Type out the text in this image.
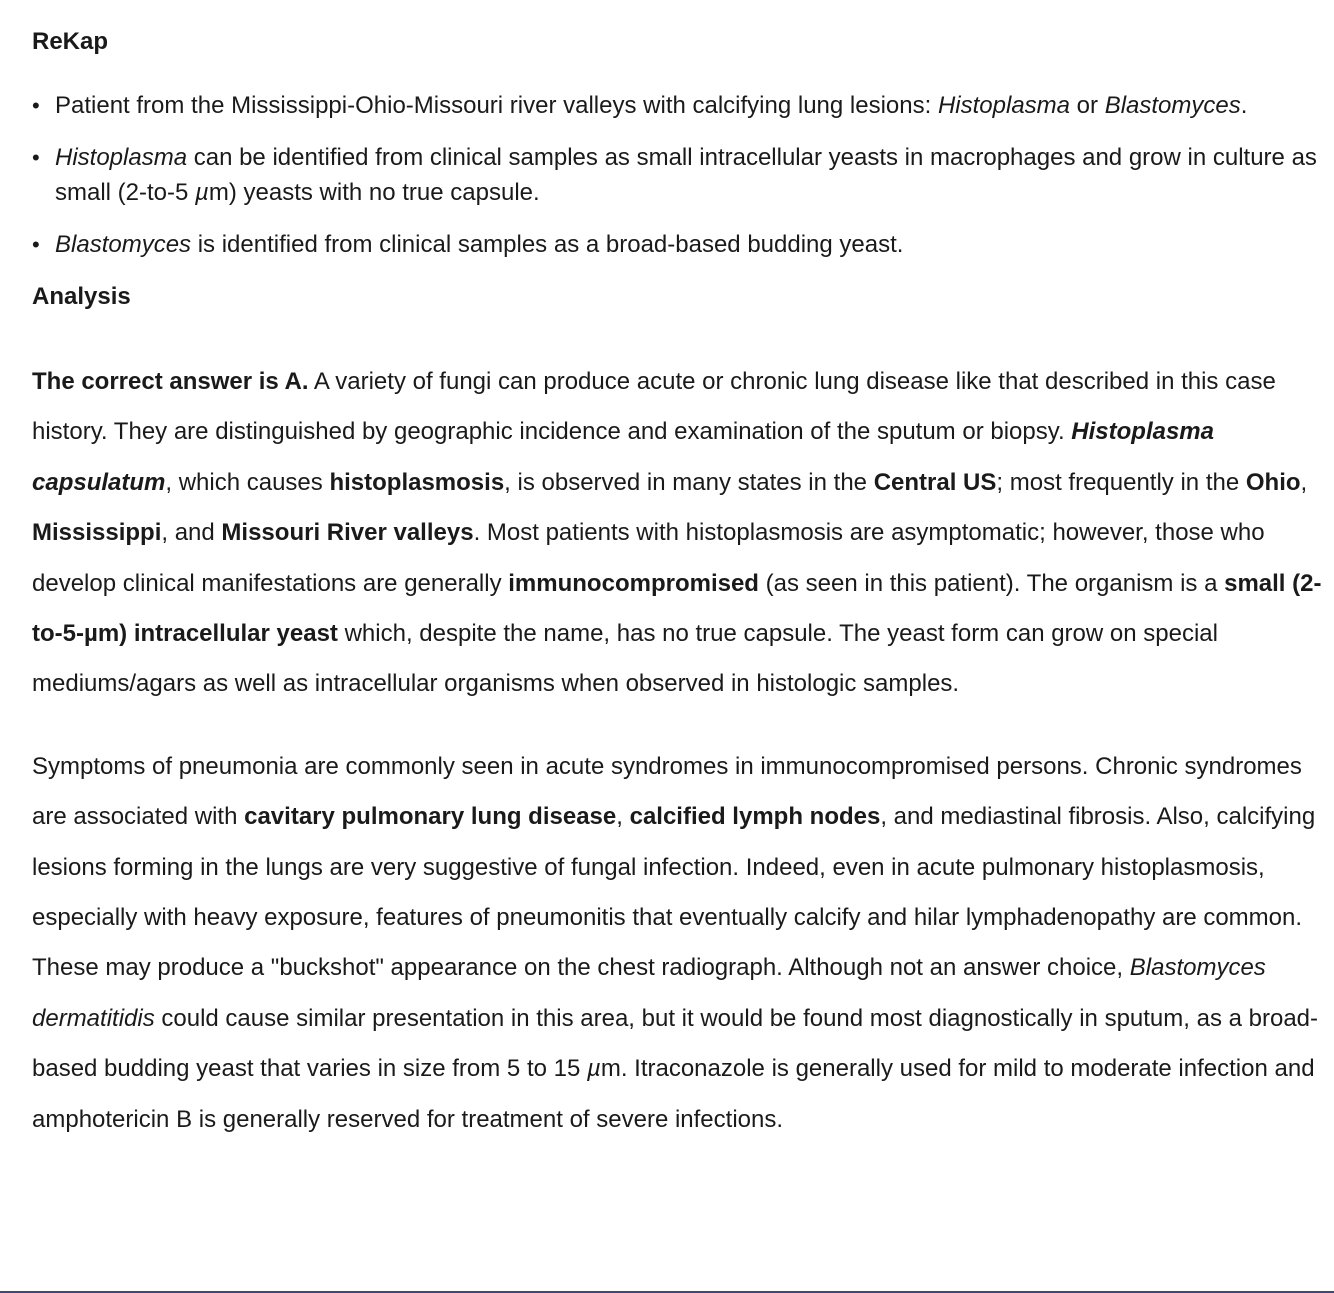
ReKap
• Patient from the Mississippi-Ohio-Missouri river valleys with calcifying lung lesions: Histoplasma or Blastomyces.
• Histoplasma can be identified from clinical samples as small intracellular yeasts in macrophages and grow in culture as small (2-to-5 µm) yeasts with no true capsule.
• Blastomyces is identified from clinical samples as a broad-based budding yeast.
Analysis

The correct answer is A. A variety of fungi can produce acute or chronic lung disease like that described in this case history. They are distinguished by geographic incidence and examination of the sputum or biopsy. Histoplasma capsulatum, which causes histoplasmosis, is observed in many states in the Central US; most frequently in the Ohio, Mississippi, and Missouri River valleys. Most patients with histoplasmosis are asymptomatic; however, those who develop clinical manifestations are generally immunocompromised (as seen in this patient). The organism is a small (2-to-5-µm) intracellular yeast which, despite the name, has no true capsule. The yeast form can grow on special mediums/agars as well as intracellular organisms when observed in histologic samples.

Symptoms of pneumonia are commonly seen in acute syndromes in immunocompromised persons. Chronic syndromes are associated with cavitary pulmonary lung disease, calcified lymph nodes, and mediastinal fibrosis. Also, calcifying lesions forming in the lungs are very suggestive of fungal infection. Indeed, even in acute pulmonary histoplasmosis, especially with heavy exposure, features of pneumonitis that eventually calcify and hilar lymphadenopathy are common. These may produce a "buckshot" appearance on the chest radiograph. Although not an answer choice, Blastomyces dermatitidis could cause similar presentation in this area, but it would be found most diagnostically in sputum, as a broad-based budding yeast that varies in size from 5 to 15 µm. Itraconazole is generally used for mild to moderate infection and amphotericin B is generally reserved for treatment of severe infections.
